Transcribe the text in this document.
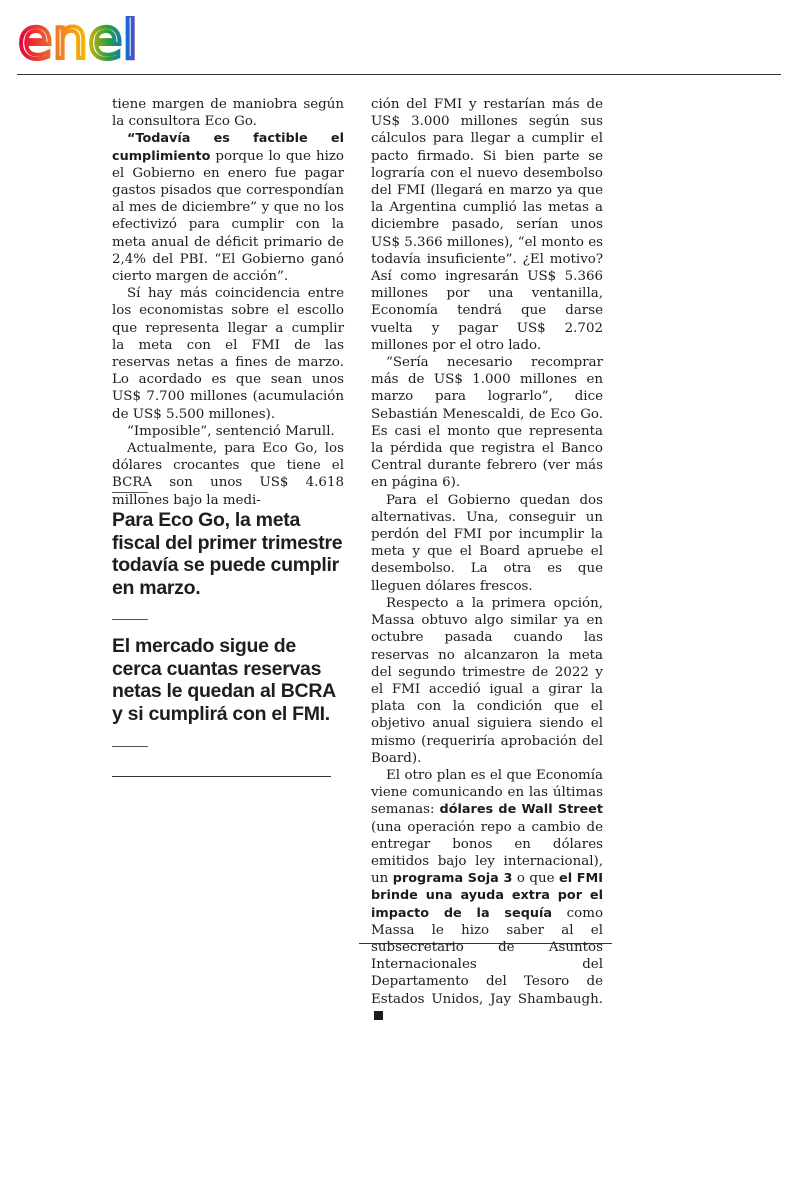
enel

tiene margen de maniobra según la consultora Eco Go.

“Todavía es factible el cumplimiento porque lo que hizo el Gobierno en enero fue pagar gastos pisados que correspondían al mes de diciembre” y que no los efectivizó para cumplir con la meta anual de déficit primario de 2,4% del PBI. “El Gobierno ganó cierto margen de acción”.

Sí hay más coincidencia entre los economistas sobre el escollo que representa llegar a cumplir la meta con el FMI de las reservas netas a fines de marzo. Lo acordado es que sean unos US$ 7.700 millones (acumulación de US$ 5.500 millones).

“Imposible”, sentenció Marull.

Actualmente, para Eco Go, los dólares crocantes que tiene el BCRA son unos US$ 4.618 millones bajo la medi-

Para Eco Go, la meta fiscal del primer trimestre todavía se puede cumplir en marzo.
El mercado sigue de cerca cuantas reservas netas le quedan al BCRA y si cumplirá con el FMI.

ción del FMI y restarían más de US$ 3.000 millones según sus cálculos para llegar a cumplir el pacto firmado. Si bien parte se lograría con el nuevo desembolso del FMI (llegará en marzo ya que la Argentina cumplió las metas a diciembre pasado, serían unos US$ 5.366 millones), “el monto es todavía insuficiente”. ¿El motivo? Así como ingresarán US$ 5.366 millones por una ventanilla, Economía tendrá que darse vuelta y pagar US$ 2.702 millones por el otro lado.

“Sería necesario recomprar más de US$ 1.000 millones en marzo para lograrlo”, dice Sebastián Menescaldi, de Eco Go. Es casi el monto que representa la pérdida que registra el Banco Central durante febrero (ver más en página 6).

Para el Gobierno quedan dos alternativas. Una, conseguir un perdón del FMI por incumplir la meta y que el Board apruebe el desembolso. La otra es que lleguen dólares frescos.

Respecto a la primera opción, Massa obtuvo algo similar ya en octubre pasada cuando las reservas no alcanzaron la meta del segundo trimestre de 2022 y el FMI accedió igual a girar la plata con la condición que el objetivo anual siguiera siendo el mismo (requeriría aprobación del Board).

El otro plan es el que Economía viene comunicando en las últimas semanas: dólares de Wall Street (una operación repo a cambio de entregar bonos en dólares emitidos bajo ley internacional), un programa Soja 3 o que el FMI brinde una ayuda extra por el impacto de la sequía como Massa le hizo saber al el subsecretario de Asuntos Internacionales del Departamento del Tesoro de Estados Unidos, Jay Shambaugh.
